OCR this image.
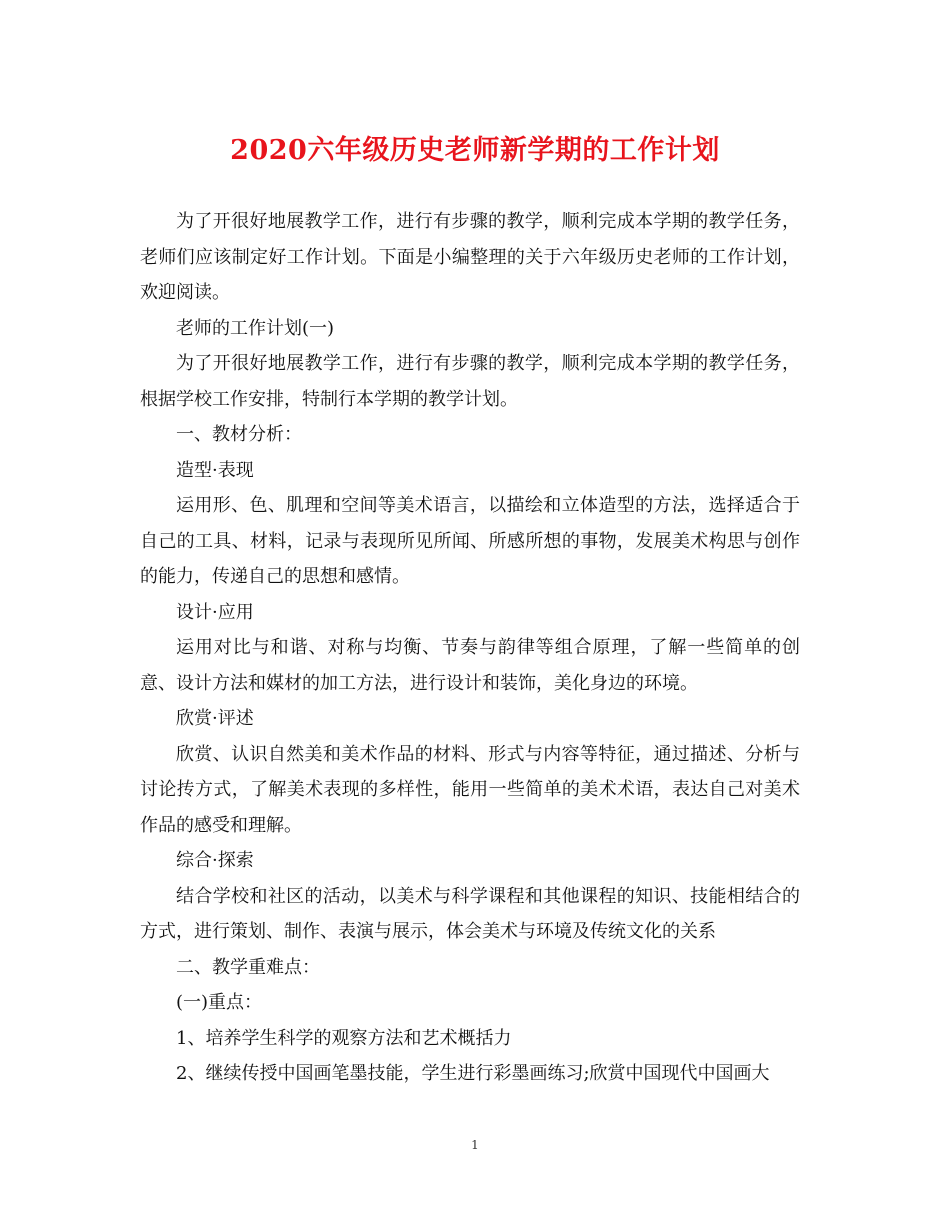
2020六年级历史老师新学期的工作计划

为了开很好地展教学工作，进行有步骤的教学，顺利完成本学期的教学任务，老师们应该制定好工作计划。下面是小编整理的关于六年级历史老师的工作计划，欢迎阅读。

老师的工作计划(一)

为了开很好地展教学工作，进行有步骤的教学，顺利完成本学期的教学任务，根据学校工作安排，特制行本学期的教学计划。

一、教材分析：

造型·表现

运用形、色、肌理和空间等美术语言，以描绘和立体造型的方法，选择适合于自己的工具、材料，记录与表现所见所闻、所感所想的事物，发展美术构思与创作的能力，传递自己的思想和感情。

设计·应用

运用对比与和谐、对称与均衡、节奏与韵律等组合原理，了解一些简单的创意、设计方法和媒材的加工方法，进行设计和装饰，美化身边的环境。

欣赏·评述

欣赏、认识自然美和美术作品的材料、形式与内容等特征，通过描述、分析与讨论抟方式，了解美术表现的多样性，能用一些简单的美术术语，表达自己对美术作品的感受和理解。

综合·探索

结合学校和社区的活动，以美术与科学课程和其他课程的知识、技能相结合的方式，进行策划、制作、表演与展示，体会美术与环境及传统文化的关系

二、教学重难点：

(一)重点：

1、培养学生科学的观察方法和艺术概括力

2、继续传授中国画笔墨技能，学生进行彩墨画练习;欣赏中国现代中国画大

1
